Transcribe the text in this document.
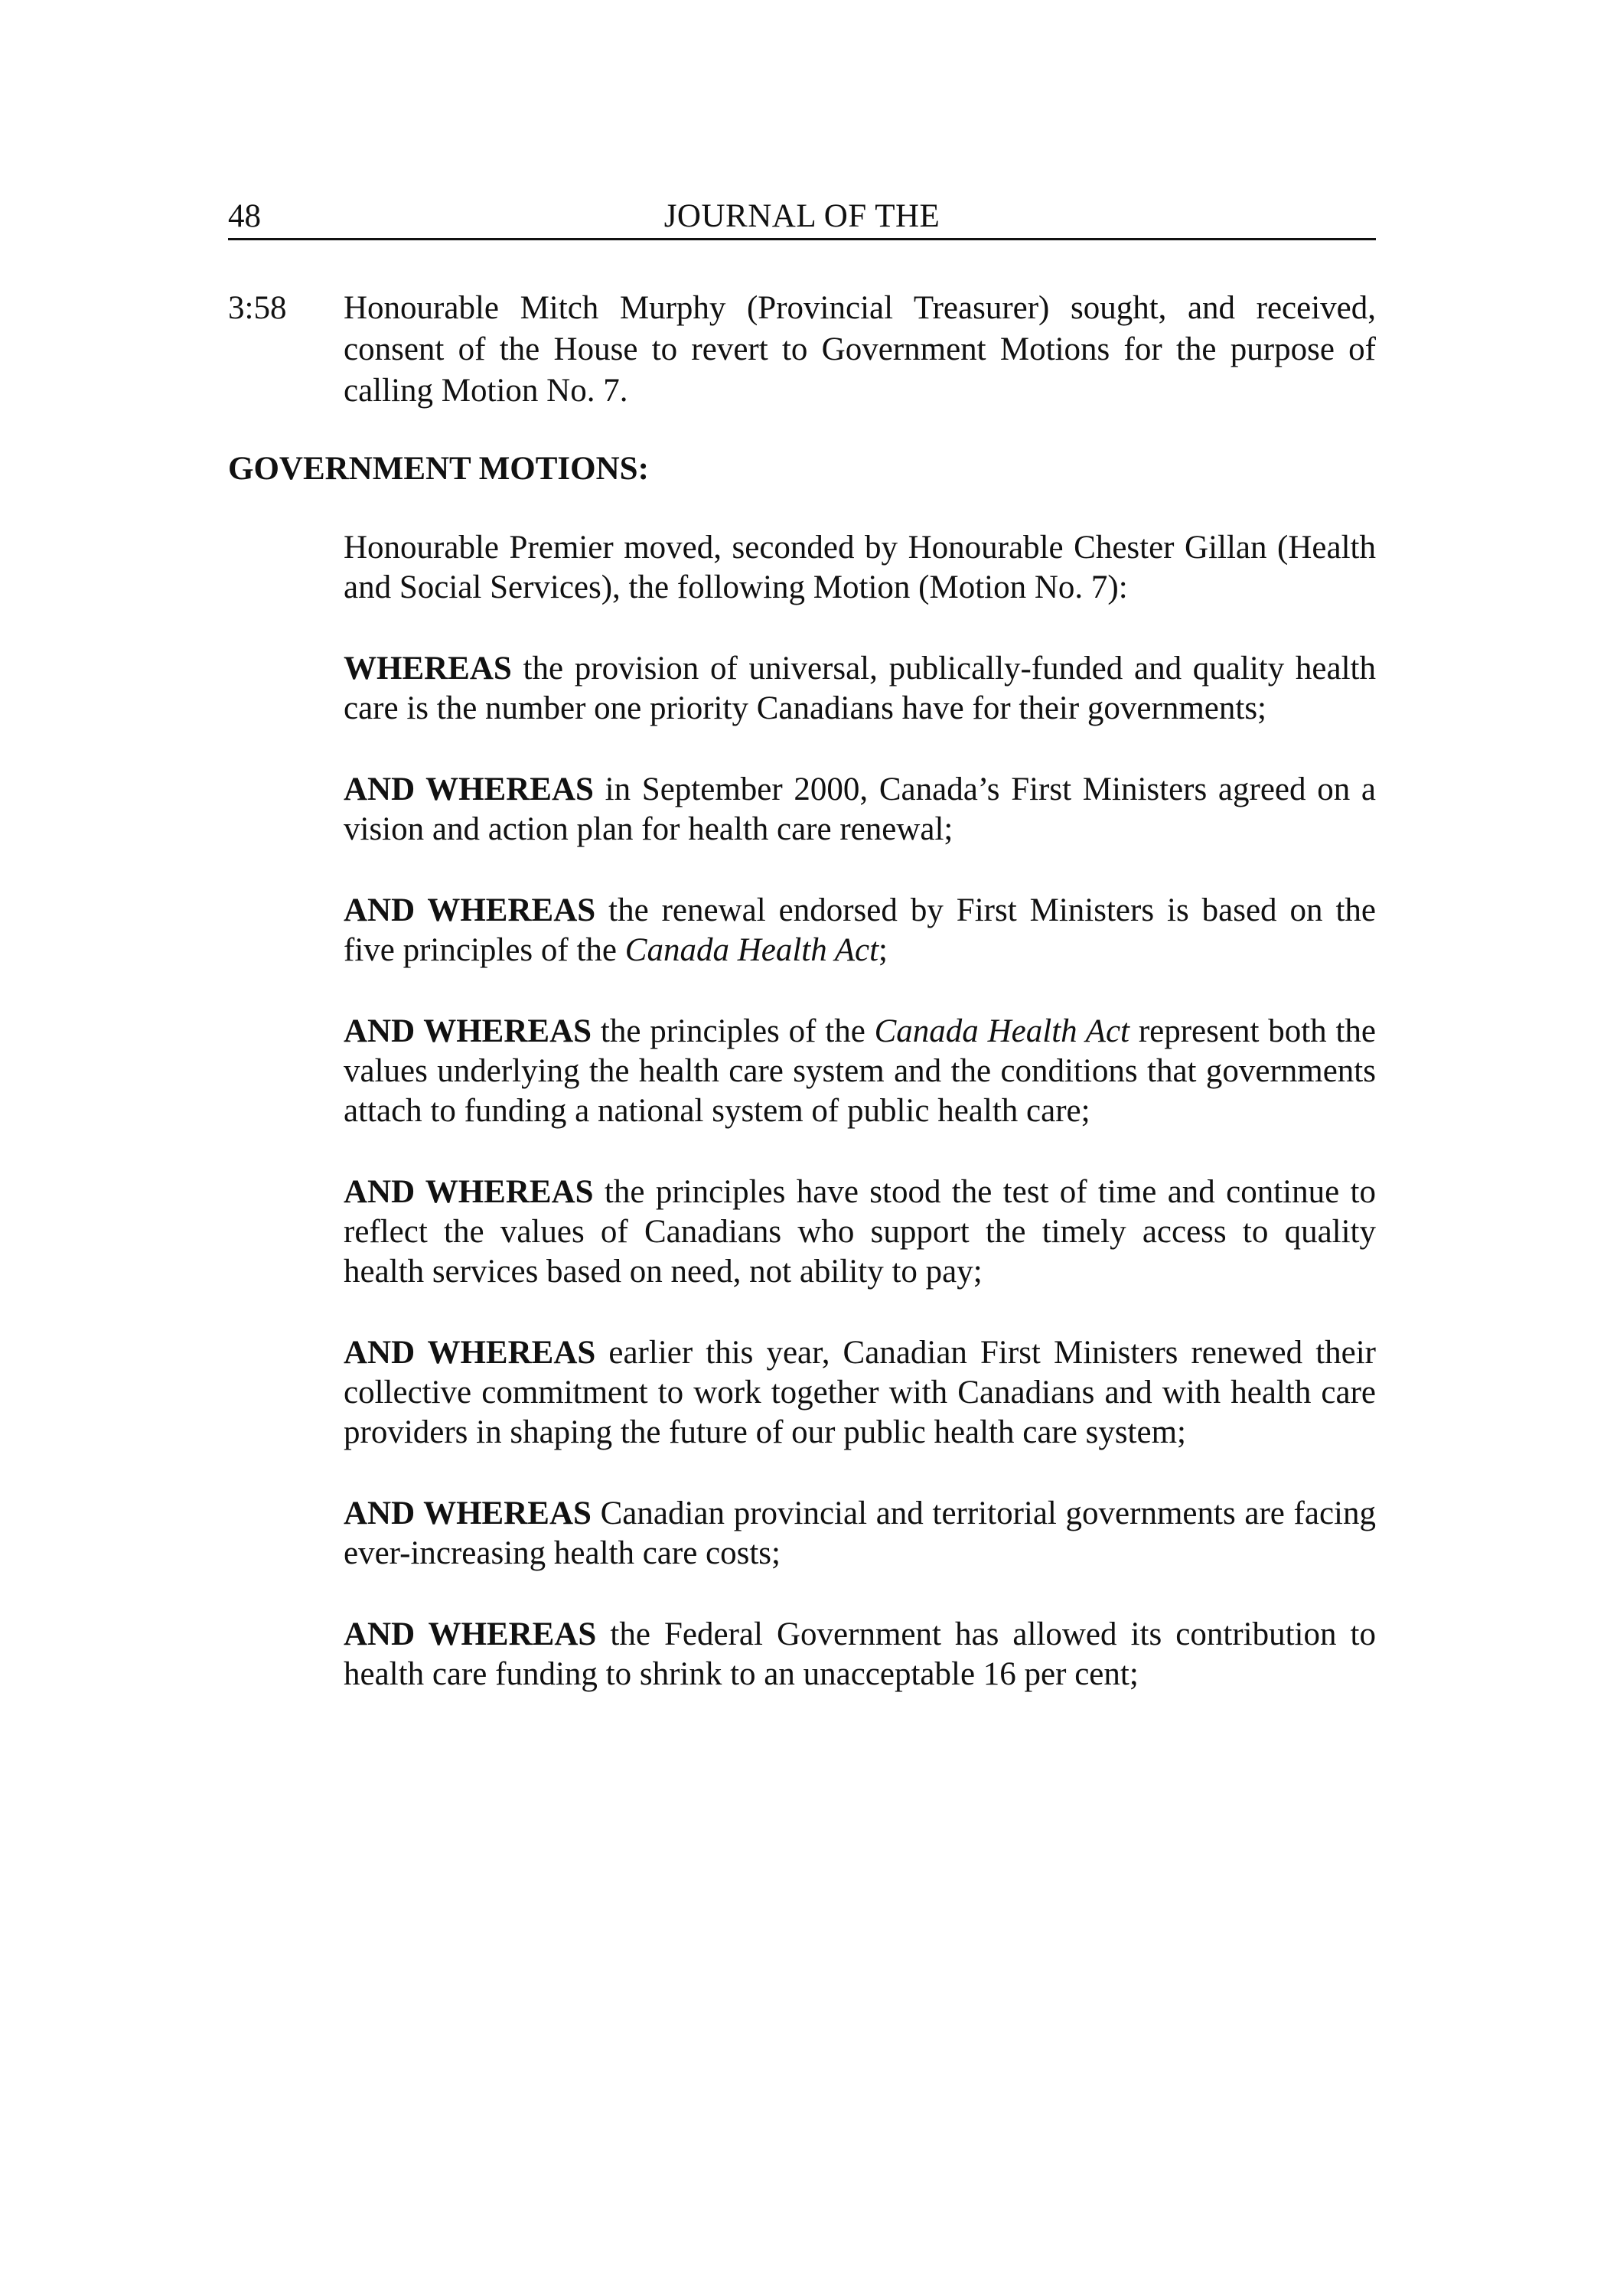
48	JOURNAL OF THE
3:58 Honourable Mitch Murphy (Provincial Treasurer) sought, and received, consent of the House to revert to Government Motions for the purpose of calling Motion No. 7.
GOVERNMENT MOTIONS:

Honourable Premier moved, seconded by Honourable Chester Gillan (Health and Social Services), the following Motion (Motion No. 7):

WHEREAS the provision of universal, publically-funded and quality health care is the number one priority Canadians have for their governments;

AND WHEREAS in September 2000, Canada’s First Ministers agreed on a vision and action plan for health care renewal;

AND WHEREAS the renewal endorsed by First Ministers is based on the five principles of the Canada Health Act;

AND WHEREAS the principles of the Canada Health Act represent both the values underlying the health care system and the conditions that governments attach to funding a national system of public health care;

AND WHEREAS the principles have stood the test of time and continue to reflect the values of Canadians who support the timely access to quality health services based on need, not ability to pay;

AND WHEREAS earlier this year, Canadian First Ministers renewed their collective commitment to work together with Canadians and with health care providers in shaping the future of our public health care system;

AND WHEREAS Canadian provincial and territorial governments are facing ever-increasing health care costs;

AND WHEREAS the Federal Government has allowed its contribution to health care funding to shrink to an unacceptable 16 per cent;
